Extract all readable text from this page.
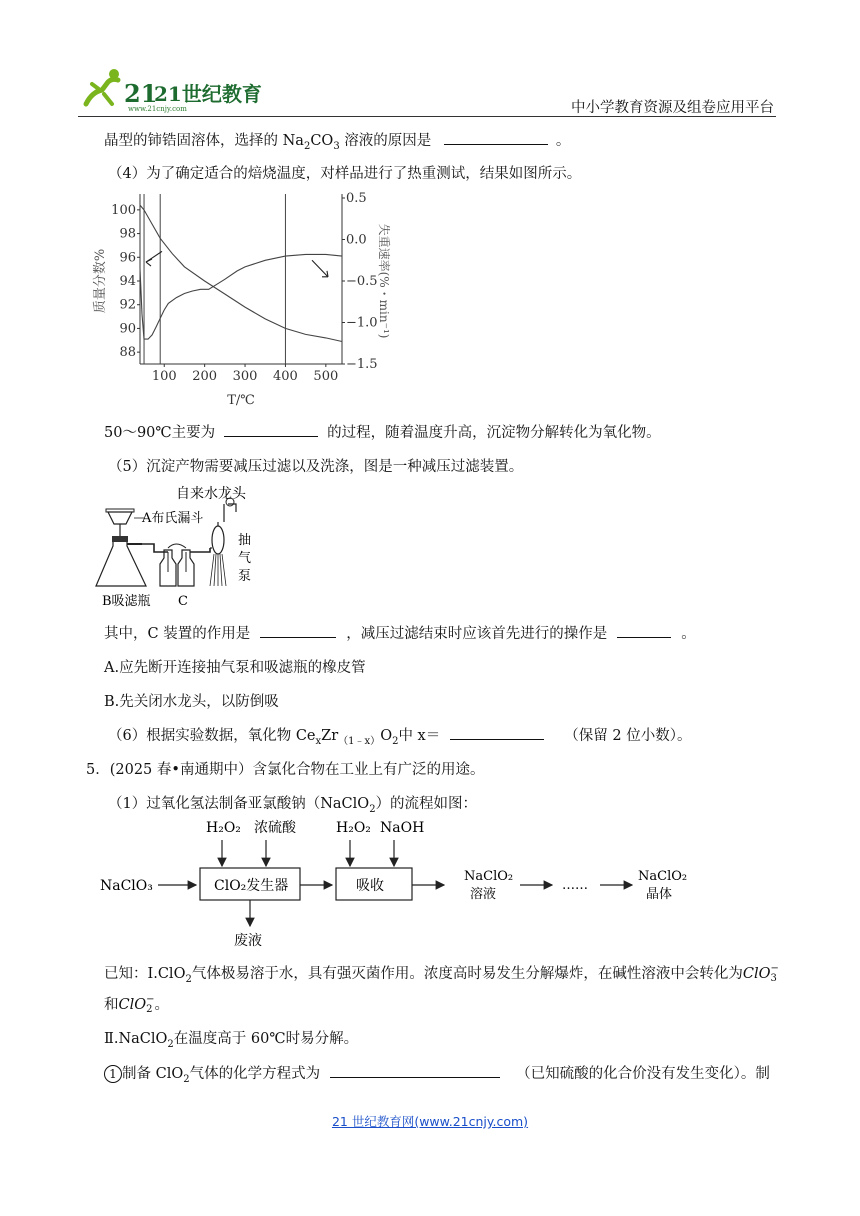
21
21世纪教育
www.21cnjy.com	中小学教育资源及组卷应用平台
晶型的铈锆固溶体，选择的 $Na_2CO_3$ 溶液的原因是	。
（4）为了确定适合的焙烧温度，对样品进行了热重测试，结果如图所示。
100 200 300 400 500
88
90
92
94
96
98
100
−1.5
−1.0
−0.5
0.0
0.5
T/℃
质量分数%	失重速率(%・min⁻¹)
50～90℃主要为	的过程，随着温度升高，沉淀物分解转化为氧化物。
（5）沉淀产物需要减压过滤以及洗涤，图是一种减压过滤装置。
自来水龙头
A布氏漏斗
B吸滤瓶 C
抽
气
泵
其中，C 装置的作用是	，减压过滤结束时应该首先进行的操作是	。
A.应先断开连接抽气泵和吸滤瓶的橡皮管
B.先关闭水龙头，以防倒吸
（6）根据实验数据，氧化物 $Ce_xZr_{(1﹣x)}O_2$中 x＝	（保留 2 位小数）。
5．(2025 春•南通期中）含氯化合物在工业上有广泛的用途。
（1）过氧化氢法制备亚氯酸钠（NaClO$_2$）的流程如图：
H₂O₂ 浓硫酸	H₂O₂ NaOH
NaClO₃	ClO₂发生器	吸收
NaClO₂
溶液
……
NaClO₂
晶体
废液
已知：Ⅰ.ClO$_2$气体极易溶于水，具有强灭菌作用。浓度高时易发生分解爆炸，在碱性溶液中会转化为ClO −
3
和ClO −
2 。
Ⅱ.NaClO$_2$在温度高于 60℃时易分解。
1 制备 ClO$_2$气体的化学方程式为	（已知硫酸的化合价没有发生变化）。制
21 世纪教育网(www.21cnjy.com)
